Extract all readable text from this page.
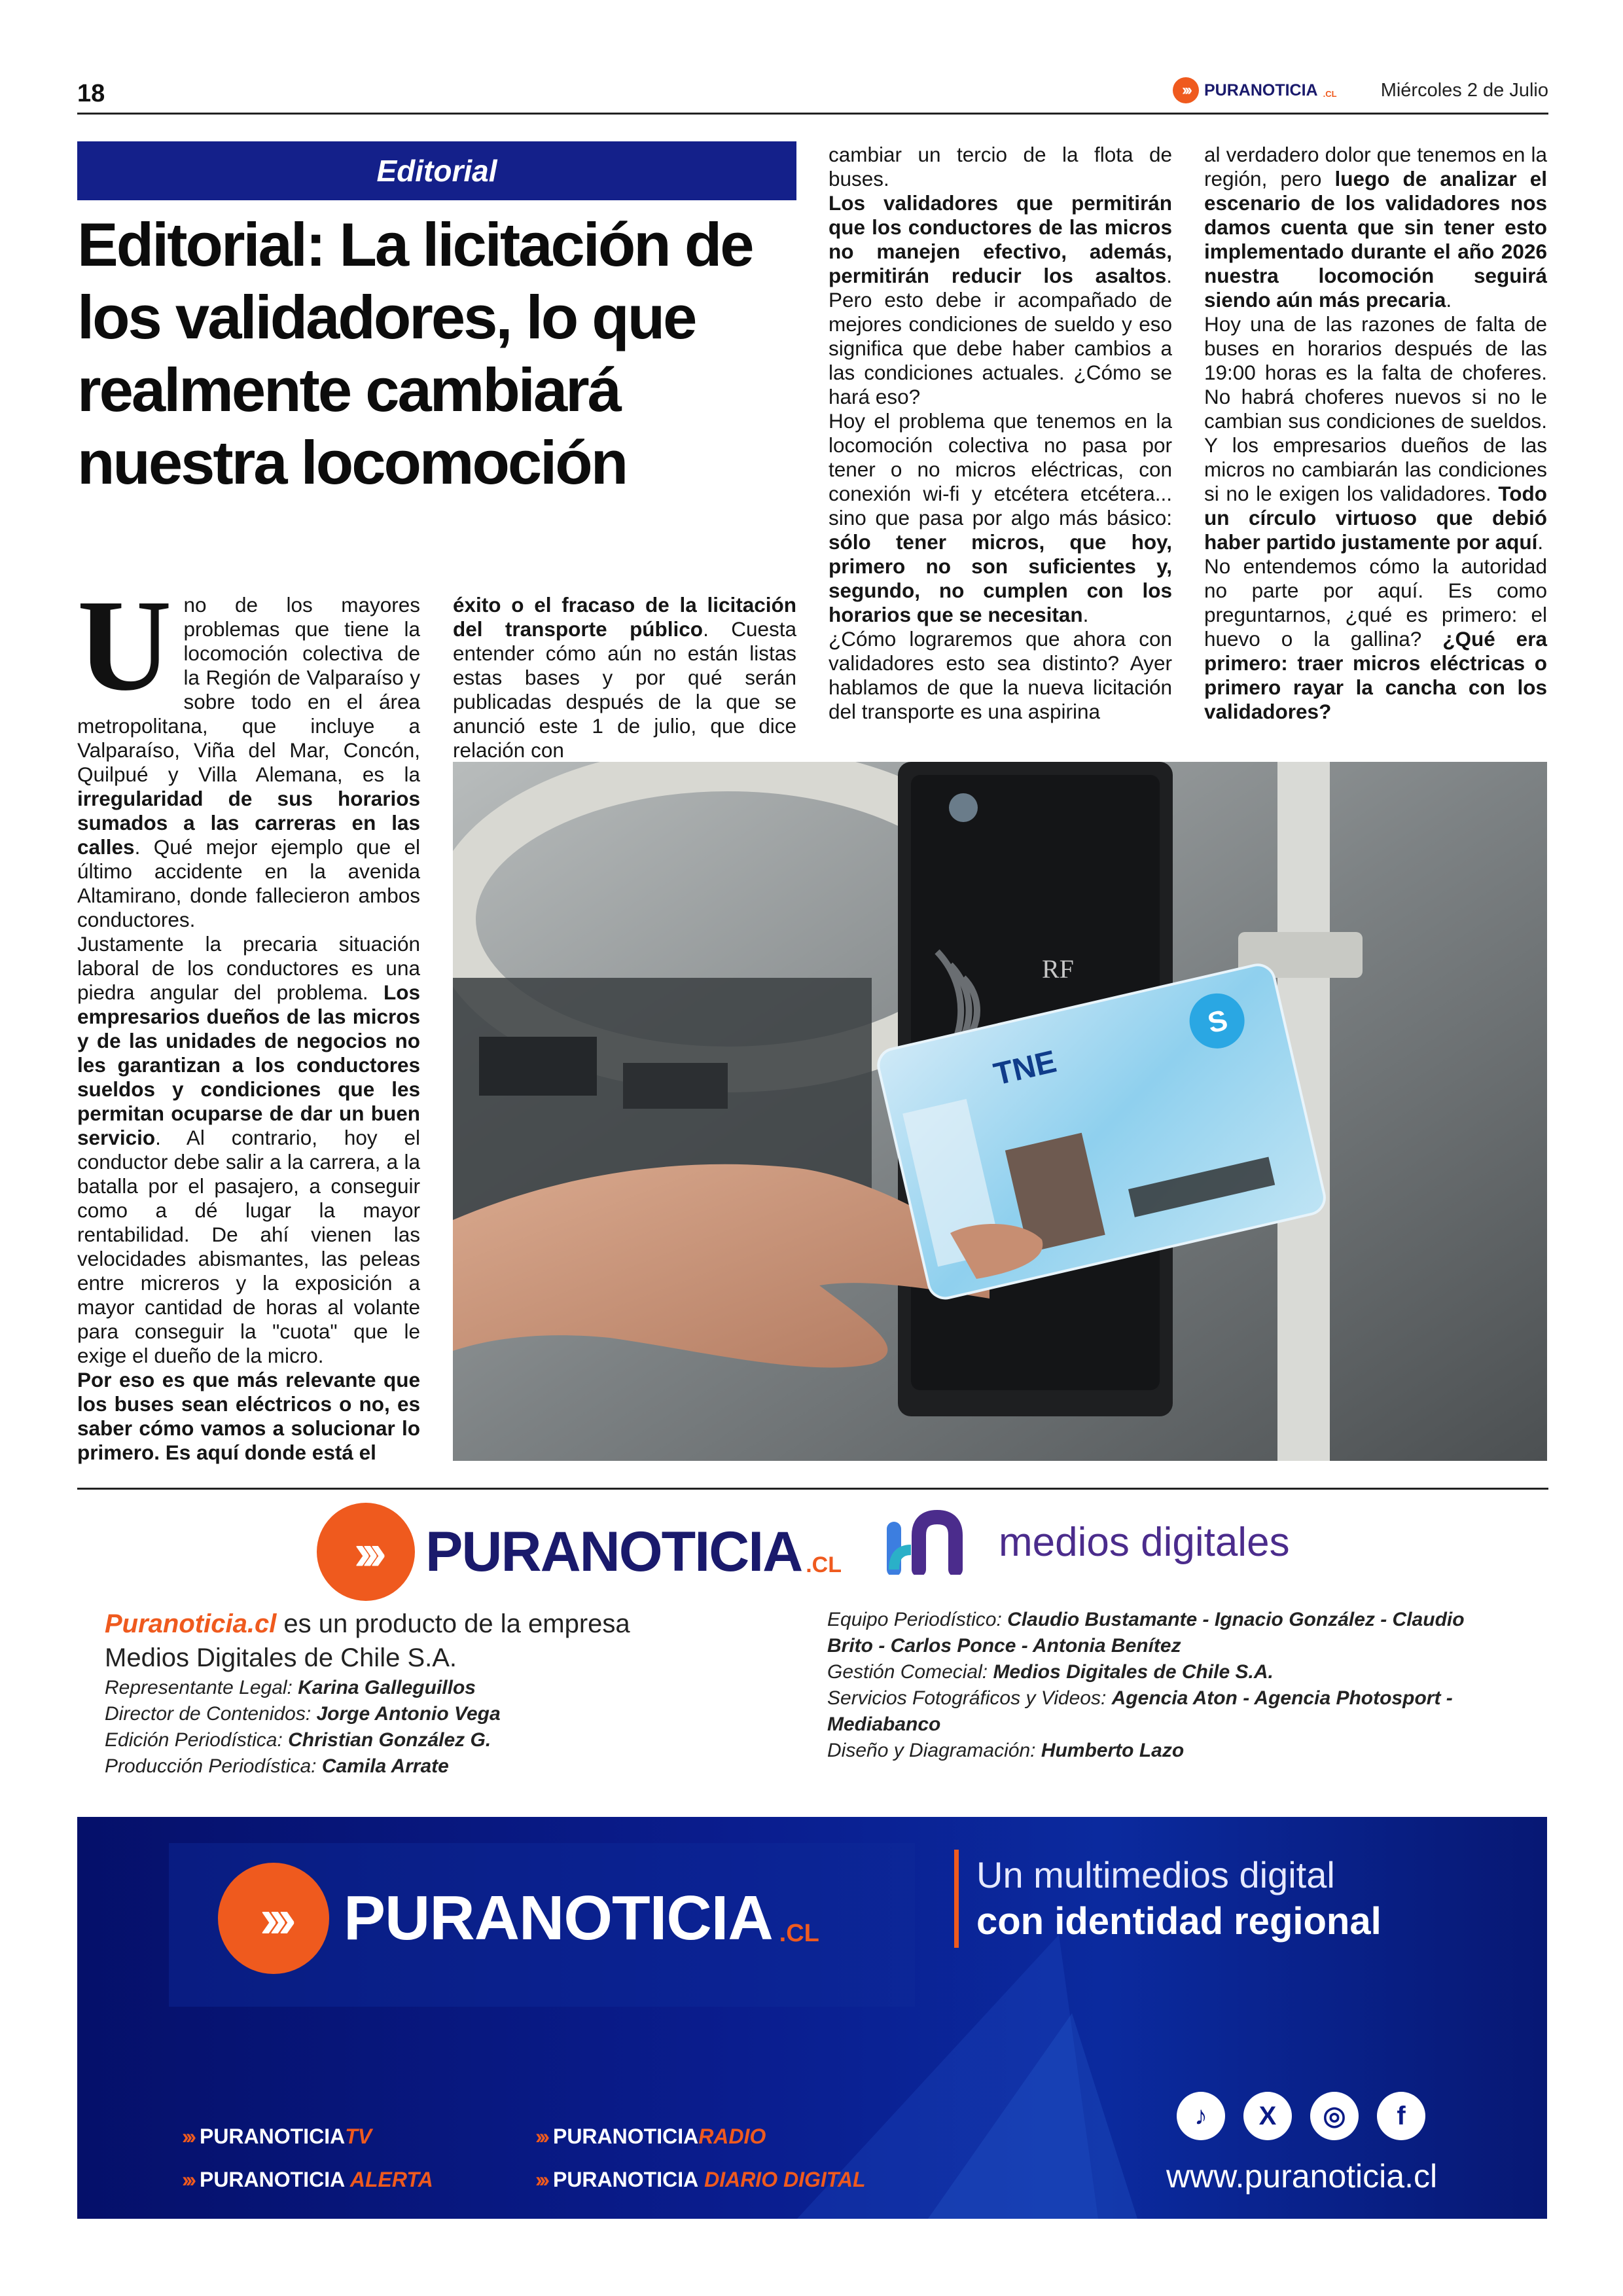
18	››› PURANOTICIA .CL Miércoles 2 de Julio
Editorial
Editorial: La licitación de los validadores, lo que realmente cambiará nuestra locomoción
U no de los mayores problemas que tiene la locomoción colectiva de la Región de Valparaíso y sobre todo en el área metropolitana, que incluye a Valparaíso, Viña del Mar, Concón, Quilpué y Villa Alemana, es la irregularidad de sus horarios sumados a las carreras en las calles. Qué mejor ejemplo que el último accidente en la avenida Altamirano, donde fallecieron ambos conductores.

Justamente la precaria situación laboral de los conductores es una piedra angular del problema. Los empresarios dueños de las micros y de las unidades de negocios no les garantizan a los conductores sueldos y condiciones que les permitan ocuparse de dar un buen servicio. Al contrario, hoy el conductor debe salir a la carrera, a la batalla por el pasajero, a conseguir como a dé lugar la mayor rentabilidad. De ahí vienen las velocidades abismantes, las peleas entre micreros y la exposición a mayor cantidad de horas al volante para conseguir la "cuota" que le exige el dueño de la micro.

Por eso es que más relevante que los buses sean eléctricos o no, es saber cómo vamos a solucionar lo primero. Es aquí donde está el

éxito o el fracaso de la licitación del transporte público. Cuesta entender cómo aún no están listas estas bases y por qué serán publicadas después de la que se anunció este 1 de julio, que dice relación con

cambiar un tercio de la flota de buses.

Los validadores que permitirán que los conductores de las micros no manejen efectivo, además, permitirán reducir los asaltos. Pero esto debe ir acompañado de mejores condiciones de sueldo y eso significa que debe haber cambios a las condiciones actuales. ¿Cómo se hará eso?

Hoy el problema que tenemos en la locomoción colectiva no pasa por tener o no micros eléctricas, con conexión wi-fi y etcétera etcétera... sino que pasa por algo más básico: sólo tener micros, que hoy, primero no son suficientes y, segundo, no cumplen con los horarios que se necesitan.

¿Cómo lograremos que ahora con validadores esto sea distinto? Ayer hablamos de que la nueva licitación del transporte es una aspirina

al verdadero dolor que tenemos en la región, pero luego de analizar el escenario de los validadores nos damos cuenta que sin tener esto implementado durante el año 2026 nuestra locomoción seguirá siendo aún más precaria.

Hoy una de las razones de falta de buses en horarios después de las 19:00 horas es la falta de choferes. No habrá choferes nuevos si no le cambian sus condiciones de sueldos. Y los empresarios dueños de las micros no cambiarán las condiciones si no le exigen los validadores. Todo un círculo virtuoso que debió haber partido justamente por aquí.

No entendemos cómo la autoridad no parte por aquí. Es como preguntarnos, ¿qué es primero: el huevo o la gallina? ¿Qué era primero: traer micros eléctricas o primero rayar la cancha con los validadores?

RF
TNE
S
››› PURANOTICIA .CL	medios digitales
Puranoticia.cl es un producto de la empresa
Medios Digitales de Chile S.A.
Representante Legal: Karina Galleguillos
Director de Contenidos: Jorge Antonio Vega
Edición Periodística: Christian González G.
Producción Periodística: Camila Arrate
Equipo Periodístico: Claudio Bustamante - Ignacio González - Claudio Brito - Carlos Ponce - Antonia Benítez
Gestión Comecial: Medios Digitales de Chile S.A.
Servicios Fotográficos y Videos: Agencia Aton - Agencia Photosport - Mediabanco
Diseño y Diagramación: Humberto Lazo
››› PURANOTICIA .CL
Un multimedios digital
con identidad regional
››› PURANOTICIATV	››› PURANOTICIARADIO
››› PURANOTICIA ALERTA	››› PURANOTICIA DIARIO DIGITAL
♪	X	◎	f
www.puranoticia.cl
